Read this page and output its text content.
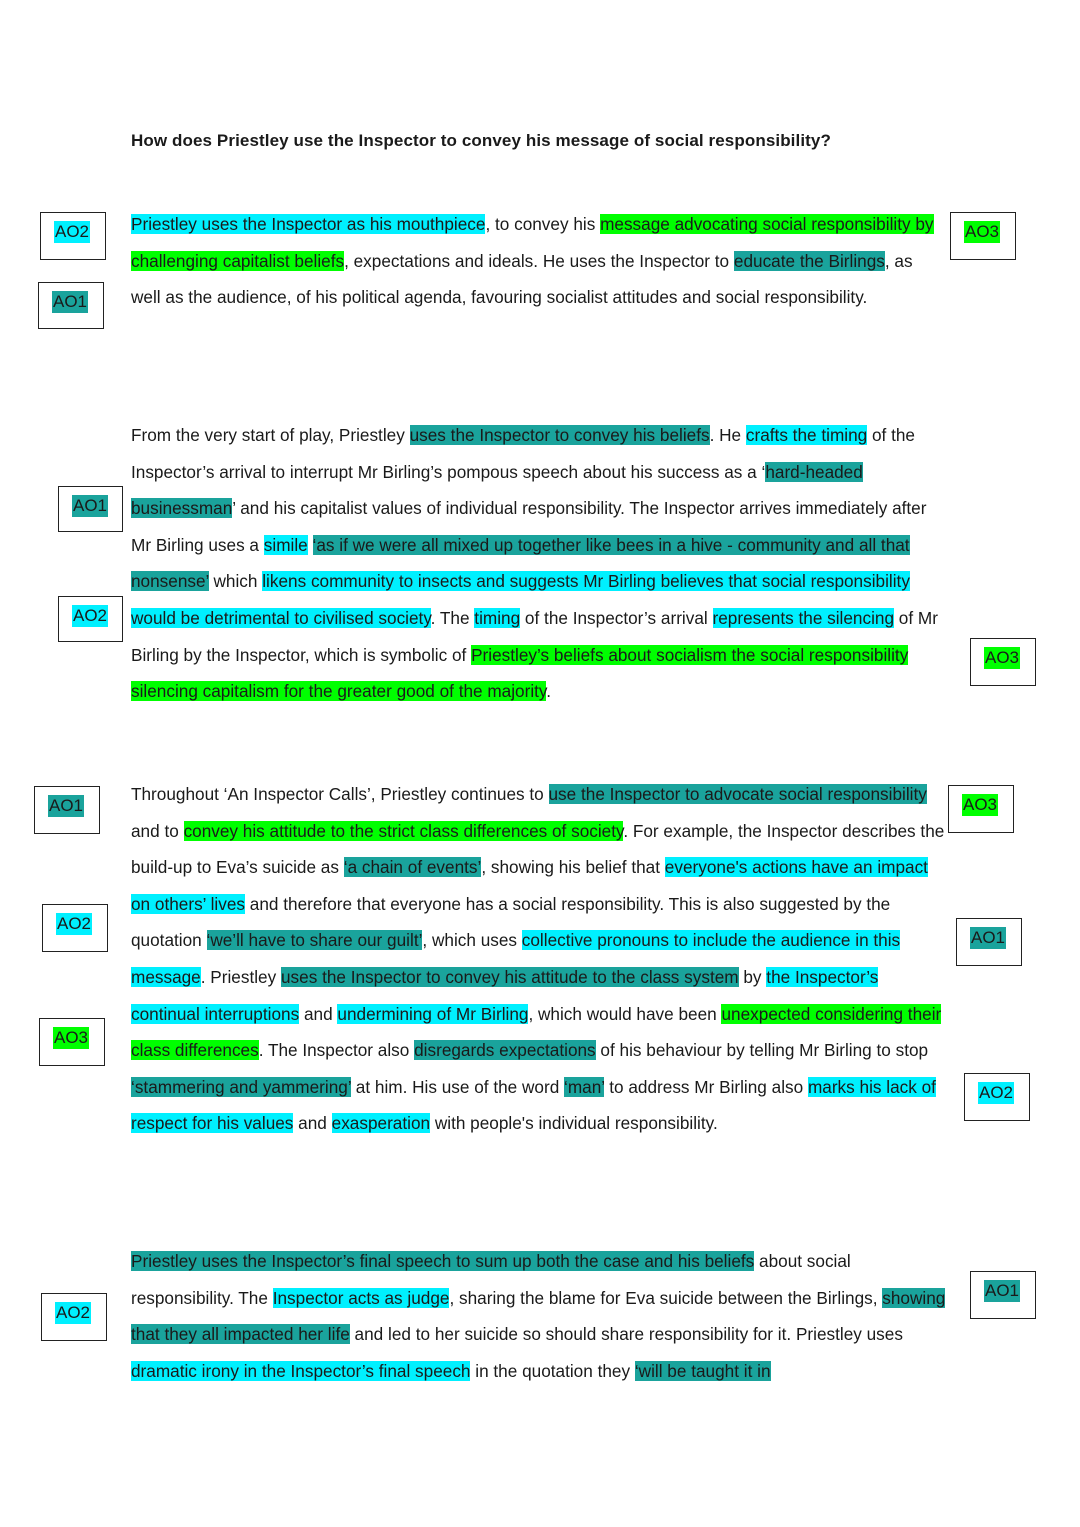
How does Priestley use the Inspector to convey his message of social responsibility?
Priestley uses the Inspector as his mouthpiece, to convey his message advocating social responsibility by challenging capitalist beliefs, expectations and ideals. He uses the Inspector to educate the Birlings, as well as the audience, of his political agenda, favouring socialist attitudes and social responsibility.
From the very start of play, Priestley uses the Inspector to convey his beliefs. He crafts the timing of the Inspector’s arrival to interrupt Mr Birling’s pompous speech about his success as a ‘hard-headed businessman’ and his capitalist values of individual responsibility. The Inspector arrives immediately after Mr Birling uses a simile ‘as if we were all mixed up together like bees in a hive - community and all that nonsense’ which likens community to insects and suggests Mr Birling believes that social responsibility would be detrimental to civilised society. The timing of the Inspector’s arrival represents the silencing of Mr Birling by the Inspector, which is symbolic of Priestley’s beliefs about socialism the social responsibility silencing capitalism for the greater good of the majority.
Throughout ‘An Inspector Calls’, Priestley continues to use the Inspector to advocate social responsibility and to convey his attitude to the strict class differences of society. For example, the Inspector describes the build-up to Eva’s suicide as ‘a chain of events’, showing his belief that everyone's actions have an impact on others’ lives and therefore that everyone has a social responsibility. This is also suggested by the quotation ‘we’ll have to share our guilt’, which uses collective pronouns to include the audience in this message. Priestley uses the Inspector to convey his attitude to the class system by the Inspector’s continual interruptions and undermining of Mr Birling, which would have been unexpected considering their class differences. The Inspector also disregards expectations of his behaviour by telling Mr Birling to stop ‘stammering and yammering’ at him. His use of the word ‘man’ to address Mr Birling also marks his lack of respect for his values and exasperation with people's individual responsibility.
Priestley uses the Inspector’s final speech to sum up both the case and his beliefs about social responsibility. The Inspector acts as judge, sharing the blame for Eva suicide between the Birlings, showing that they all impacted her life and led to her suicide so should share responsibility for it. Priestley uses dramatic irony in the Inspector’s final speech in the quotation they ‘will be taught it in
AO2
AO1
AO3
AO1
AO2
AO3
AO1	AO3
AO2
AO1
AO3
AO2
AO2
AO1
